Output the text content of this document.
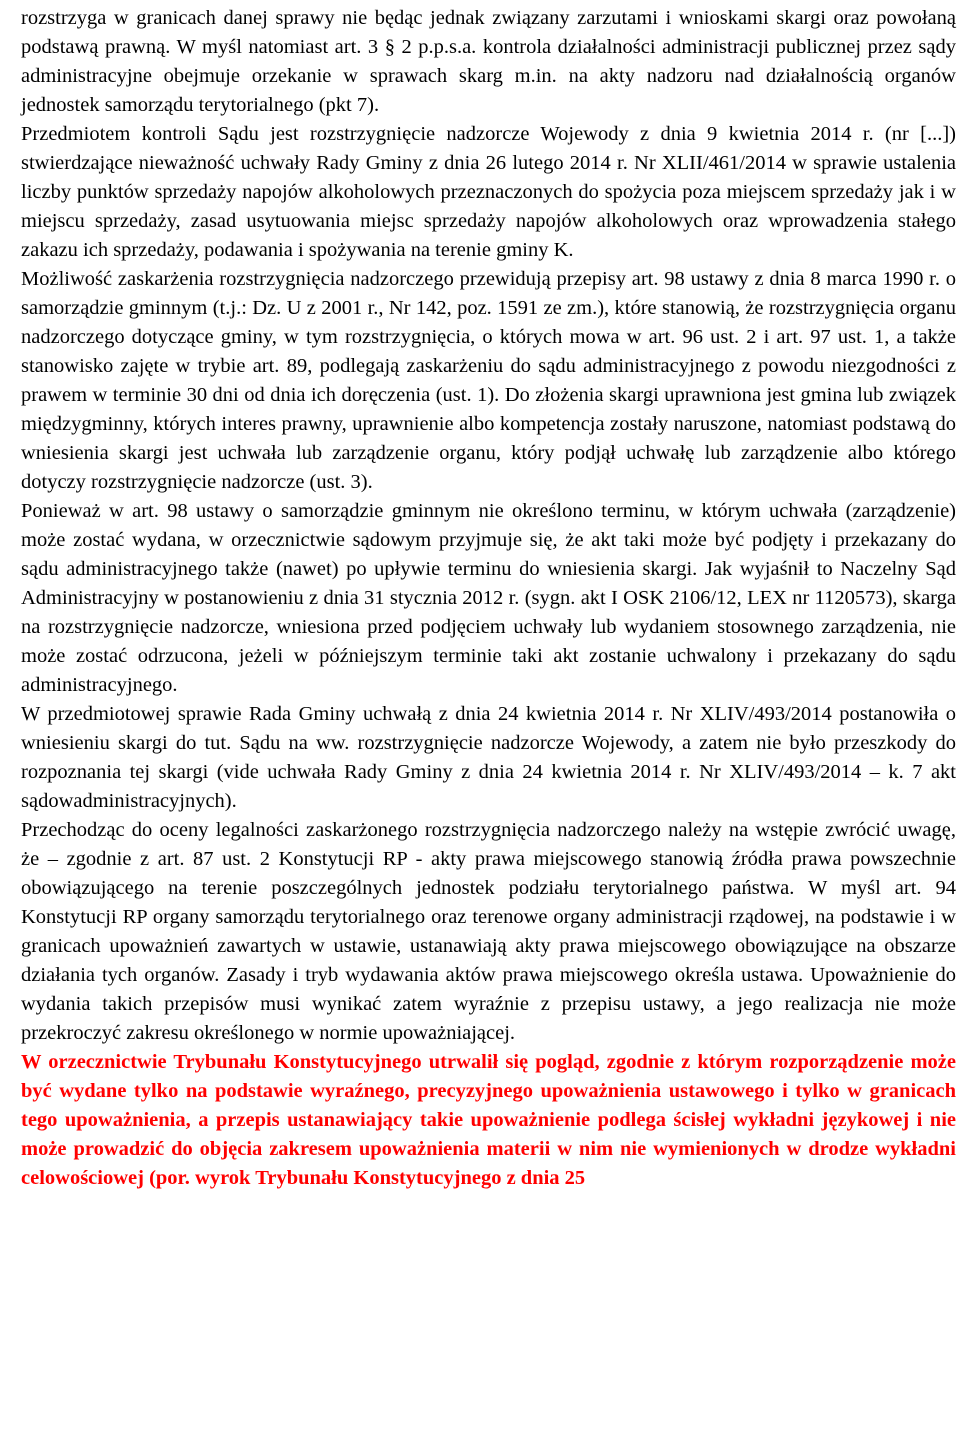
rozstrzyga w granicach danej sprawy nie będąc jednak związany zarzutami i wnioskami skargi oraz powołaną podstawą prawną. W myśl natomiast art. 3 § 2 p.p.s.a. kontrola działalności administracji publicznej przez sądy administracyjne obejmuje orzekanie w sprawach skarg m.in. na akty nadzoru nad działalnością organów jednostek samorządu terytorialnego (pkt 7).

Przedmiotem kontroli Sądu jest rozstrzygnięcie nadzorcze Wojewody z dnia 9 kwietnia 2014 r. (nr [...]) stwierdzające nieważność uchwały Rady Gminy z dnia 26 lutego 2014 r. Nr XLII/461/2014 w sprawie ustalenia liczby punktów sprzedaży napojów alkoholowych przeznaczonych do spożycia poza miejscem sprzedaży jak i w miejscu sprzedaży, zasad usytuowania miejsc sprzedaży napojów alkoholowych oraz wprowadzenia stałego zakazu ich sprzedaży, podawania i spożywania na terenie gminy K.

Możliwość zaskarżenia rozstrzygnięcia nadzorczego przewidują przepisy art. 98 ustawy z dnia 8 marca 1990 r. o samorządzie gminnym (t.j.: Dz. U z 2001 r., Nr 142, poz. 1591 ze zm.), które stanowią, że rozstrzygnięcia organu nadzorczego dotyczące gminy, w tym rozstrzygnięcia, o których mowa w art. 96 ust. 2 i art. 97 ust. 1, a także stanowisko zajęte w trybie art. 89, podlegają zaskarżeniu do sądu administracyjnego z powodu niezgodności z prawem w terminie 30 dni od dnia ich doręczenia (ust. 1). Do złożenia skargi uprawniona jest gmina lub związek międzygminny, których interes prawny, uprawnienie albo kompetencja zostały naruszone, natomiast podstawą do wniesienia skargi jest uchwała lub zarządzenie organu, który podjął uchwałę lub zarządzenie albo którego dotyczy rozstrzygnięcie nadzorcze (ust. 3).

Ponieważ w art. 98 ustawy o samorządzie gminnym nie określono terminu, w którym uchwała (zarządzenie) może zostać wydana, w orzecznictwie sądowym przyjmuje się, że akt taki może być podjęty i przekazany do sądu administracyjnego także (nawet) po upływie terminu do wniesienia skargi. Jak wyjaśnił to Naczelny Sąd Administracyjny w postanowieniu z dnia 31 stycznia 2012 r. (sygn. akt I OSK 2106/12, LEX nr 1120573), skarga na rozstrzygnięcie nadzorcze, wniesiona przed podjęciem uchwały lub wydaniem stosownego zarządzenia, nie może zostać odrzucona, jeżeli w późniejszym terminie taki akt zostanie uchwalony i przekazany do sądu administracyjnego.

W przedmiotowej sprawie Rada Gminy uchwałą z dnia 24 kwietnia 2014 r. Nr XLIV/493/2014 postanowiła o wniesieniu skargi do tut. Sądu na ww. rozstrzygnięcie nadzorcze Wojewody, a zatem nie było przeszkody do rozpoznania tej skargi (vide uchwała Rady Gminy z dnia 24 kwietnia 2014 r. Nr XLIV/493/2014 – k. 7 akt sądowadministracyjnych).

Przechodząc do oceny legalności zaskarżonego rozstrzygnięcia nadzorczego należy na wstępie zwrócić uwagę, że – zgodnie z art. 87 ust. 2 Konstytucji RP - akty prawa miejscowego stanowią źródła prawa powszechnie obowiązującego na terenie poszczególnych jednostek podziału terytorialnego państwa. W myśl art. 94 Konstytucji RP organy samorządu terytorialnego oraz terenowe organy administracji rządowej, na podstawie i w granicach upoważnień zawartych w ustawie, ustanawiają akty prawa miejscowego obowiązujące na obszarze działania tych organów. Zasady i tryb wydawania aktów prawa miejscowego określa ustawa. Upoważnienie do wydania takich przepisów musi wynikać zatem wyraźnie z przepisu ustawy, a jego realizacja nie może przekroczyć zakresu określonego w normie upoważniającej.

W orzecznictwie Trybunału Konstytucyjnego utrwalił się pogląd, zgodnie z którym rozporządzenie może być wydane tylko na podstawie wyraźnego, precyzyjnego upoważnienia ustawowego i tylko w granicach tego upoważnienia, a przepis ustanawiający takie upoważnienie podlega ścisłej wykładni językowej i nie może prowadzić do objęcia zakresem upoważnienia materii w nim nie wymienionych w drodze wykładni celowościowej (por. wyrok Trybunału Konstytucyjnego z dnia 25
